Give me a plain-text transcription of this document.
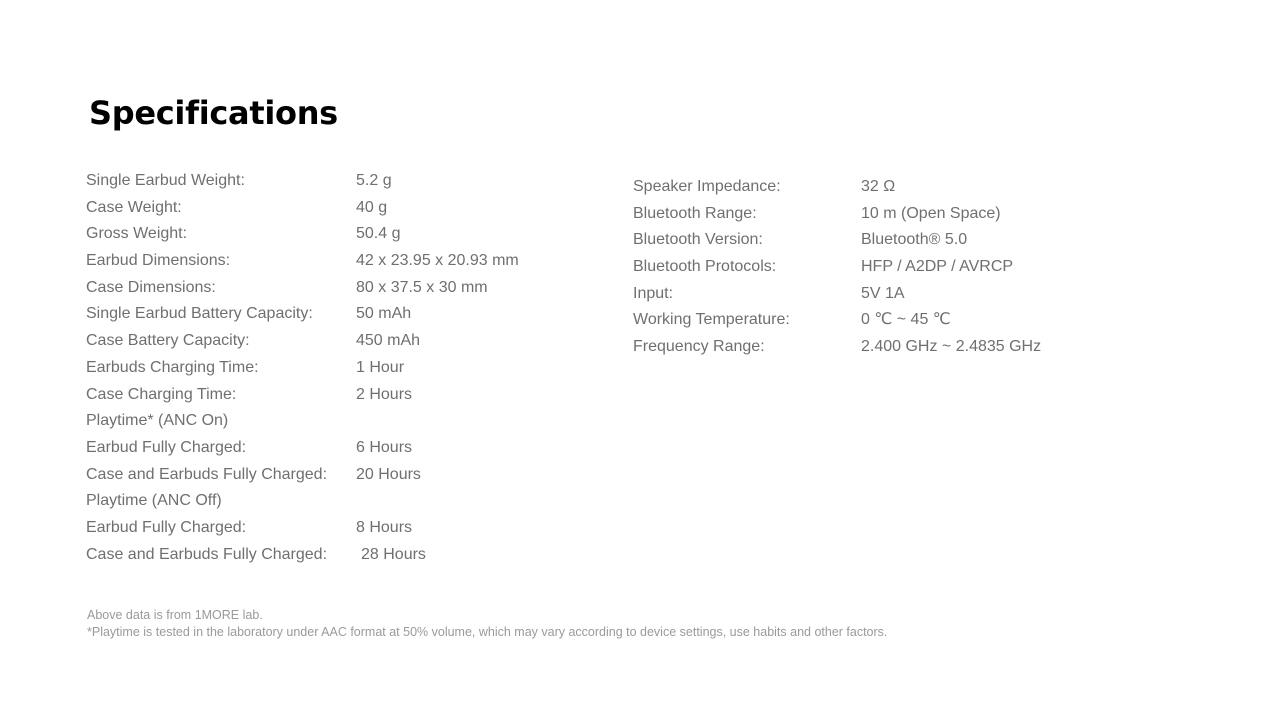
Specifications
Single Earbud Weight:	5.2 g
Case Weight:	40 g
Gross Weight:	50.4 g
Earbud Dimensions:	42 x 23.95 x 20.93 mm
Case Dimensions:	80 x 37.5 x 30 mm
Single Earbud Battery Capacity:	50 mAh
Case Battery Capacity:	450 mAh
Earbuds Charging Time:	1 Hour
Case Charging Time:	2 Hours
Playtime* (ANC On)
Earbud Fully Charged:	6 Hours
Case and Earbuds Fully Charged: 20 Hours
Playtime (ANC Off)
Earbud Fully Charged:	8 Hours
Case and Earbuds Fully Charged: 28 Hours
Speaker Impedance:	32 Ω
Bluetooth Range:	10 m (Open Space)
Bluetooth Version:	Bluetooth® 5.0
Bluetooth Protocols:	HFP / A2DP / AVRCP
Input:	5V 1A
Working Temperature:	0 ℃ ~ 45 ℃
Frequency Range:	2.400 GHz ~ 2.4835 GHz

Above data is from 1MORE lab.

*Playtime is tested in the laboratory under AAC format at 50% volume, which may vary according to device settings, use habits and other factors.
